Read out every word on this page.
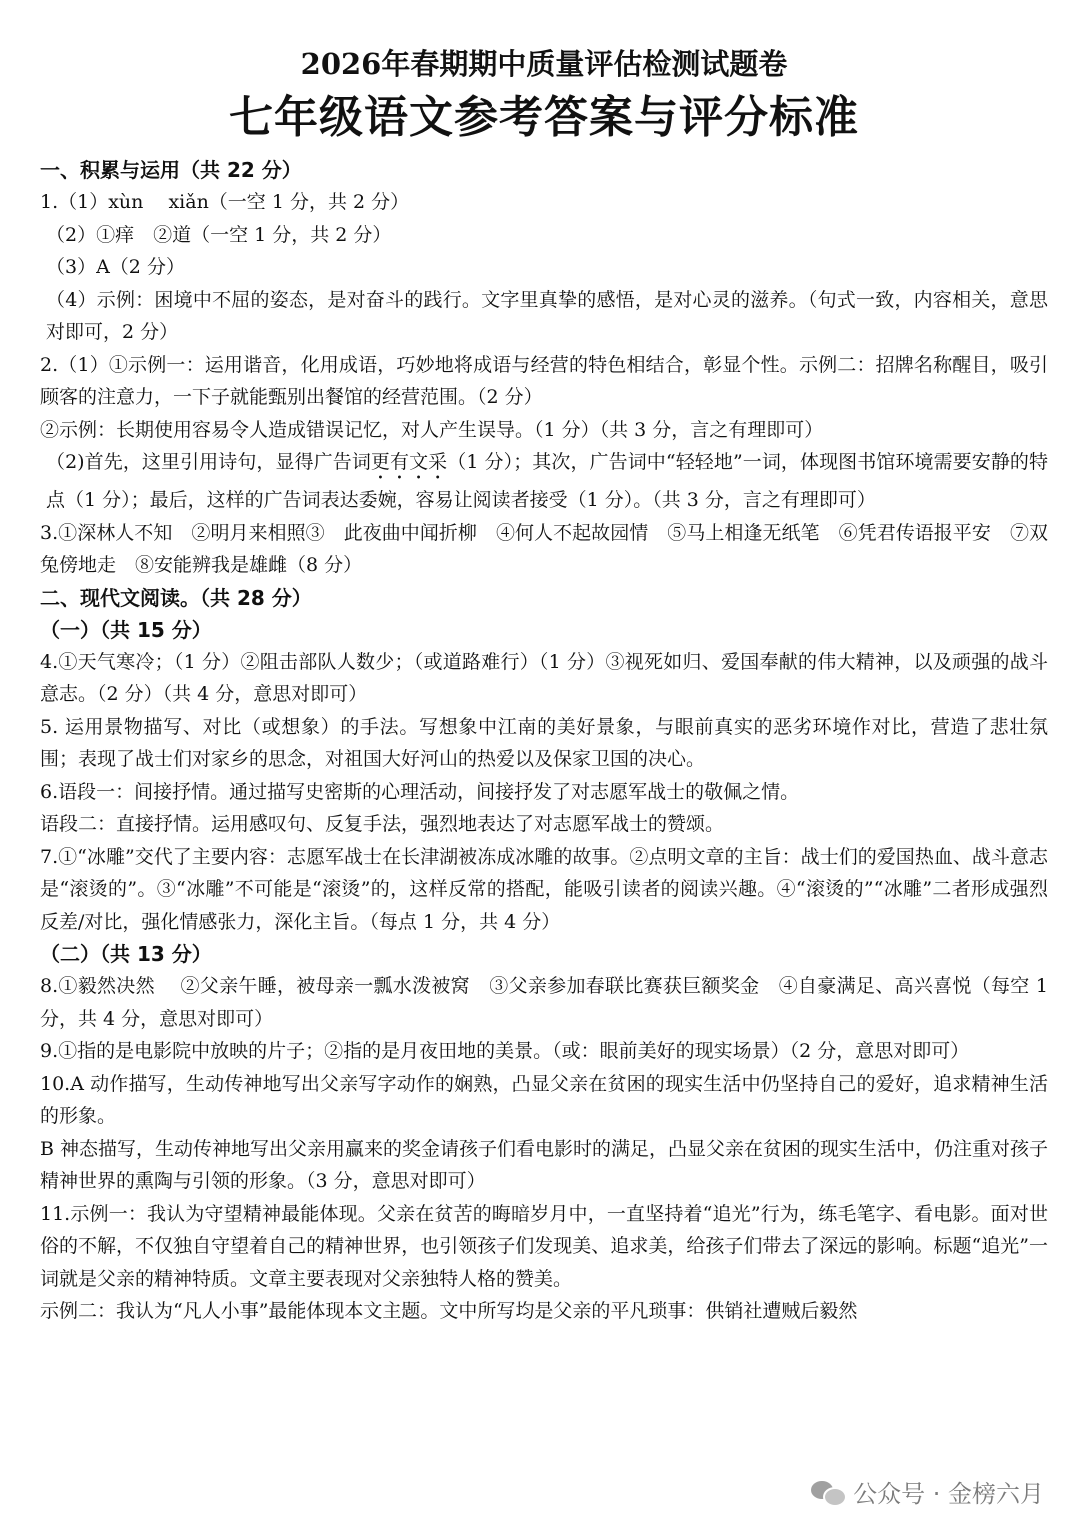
2026年春期期中质量评估检测试题卷
七年级语文参考答案与评分标准

一、积累与运用（共 22 分）

1.（1）xùn　 xiǎn（一空 1 分，共 2 分）

（2）①痒　②道（一空 1 分，共 2 分）

（3）A（2 分）

（4）示例：困境中不屈的姿态，是对奋斗的践行。文字里真挚的感悟，是对心灵的滋养。（句式一致，内容相关，意思对即可，2 分）

2.（1）①示例一：运用谐音，化用成语，巧妙地将成语与经营的特色相结合，彰显个性。示例二：招牌名称醒目，吸引顾客的注意力，一下子就能甄别出餐馆的经营范围。（2 分）

②示例：长期使用容易令人造成错误记忆，对人产生误导。（1 分）（共 3 分，言之有理即可）

（2)首先，这里引用诗句，显得广告词更有文采（1 分）；其次，广告词中“轻轻地”一词，体现图书馆环境需要安静的特点（1 分）；最后，这样的广告词表达委婉，容易让阅读者接受（1 分）。（共 3 分，言之有理即可）

3.①深林人不知　②明月来相照③　此夜曲中闻折柳　④何人不起故园情　⑤马上相逢无纸笔　⑥凭君传语报平安　⑦双兔傍地走　⑧安能辨我是雄雌（8 分）

二、现代文阅读。（共 28 分）

（一）（共 15 分）

4.①天气寒冷；（1 分）②阻击部队人数少；（或道路难行）（1 分）③视死如归、爱国奉献的伟大精神，以及顽强的战斗意志。（2 分）（共 4 分，意思对即可）

5. 运用景物描写、对比（或想象）的手法。写想象中江南的美好景象，与眼前真实的恶劣环境作对比，营造了悲壮氛围；表现了战士们对家乡的思念，对祖国大好河山的热爱以及保家卫国的决心。

6.语段一：间接抒情。通过描写史密斯的心理活动，间接抒发了对志愿军战士的敬佩之情。

语段二：直接抒情。运用感叹句、反复手法，强烈地表达了对志愿军战士的赞颂。

7.①“冰雕”交代了主要内容：志愿军战士在长津湖被冻成冰雕的故事。②点明文章的主旨：战士们的爱国热血、战斗意志是“滚烫的”。③“冰雕”不可能是“滚烫”的，这样反常的搭配，能吸引读者的阅读兴趣。④“滚烫的”“冰雕”二者形成强烈反差/对比，强化情感张力，深化主旨。（每点 1 分，共 4 分）

（二）（共 13 分）

8.①毅然决然　 ②父亲午睡，被母亲一瓢水泼被窝　③父亲参加春联比赛获巨额奖金　④自豪满足、高兴喜悦（每空 1 分，共 4 分，意思对即可）

9.①指的是电影院中放映的片子；②指的是月夜田地的美景。（或：眼前美好的现实场景）（2 分，意思对即可）

10.A 动作描写，生动传神地写出父亲写字动作的娴熟，凸显父亲在贫困的现实生活中仍坚持自己的爱好，追求精神生活的形象。

B 神态描写，生动传神地写出父亲用赢来的奖金请孩子们看电影时的满足，凸显父亲在贫困的现实生活中，仍注重对孩子精神世界的熏陶与引领的形象。（3 分，意思对即可）

11.示例一：我认为守望精神最能体现。父亲在贫苦的晦暗岁月中，一直坚持着“追光”行为，练毛笔字、看电影。面对世俗的不解，不仅独自守望着自己的精神世界，也引领孩子们发现美、追求美，给孩子们带去了深远的影响。标题“追光”一词就是父亲的精神特质。文章主要表现对父亲独特人格的赞美。

示例二：我认为“凡人小事”最能体现本文主题。文中所写均是父亲的平凡琐事：供销社遭贼后毅然

公众号 · 金榜六月
